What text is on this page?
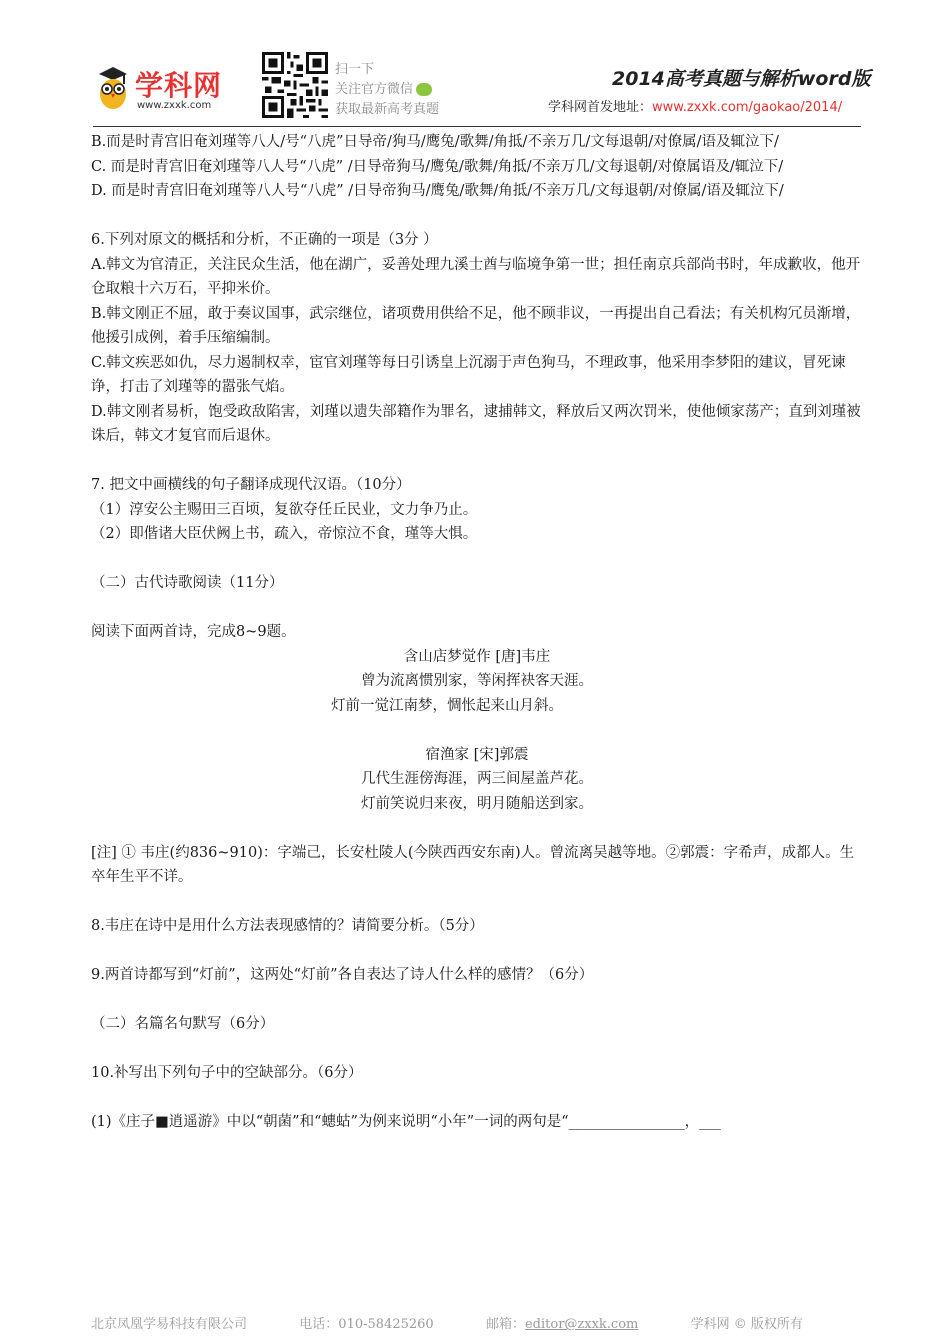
学科网
www.zxxk.com
扫一下
关注官方微信
获取最新高考真题
2014高考真题与解析word版
学科网首发地址：www.zxxk.com/gaokao/2014/

B.而是时青宫旧奄刘瑾等八人/号“八虎”日导帝/狗马/鹰兔/歌舞/角抵/不亲万几/文每退朝/对僚属/语及辄泣下/

C. 而是时青宫旧奄刘瑾等八人号“八虎” /日导帝狗马/鹰兔/歌舞/角抵/不亲万几/文每退朝/对僚属语及/辄泣下/

D. 而是时青宫旧奄刘瑾等八人号“八虎” /日导帝狗马/鹰兔/歌舞/角抵/不亲万几/文每退朝/对僚属/语及辄泣下/

6.下列对原文的概括和分析，不正确的一项是（3分 ）

A.韩文为官清正，关注民众生活，他在湖广，妥善处理九溪士酋与临境争第一世；担任南京兵部尚书时，年成歉收，他开仓取粮十六万石，平抑米价。

B.韩文刚正不屈，敢于奏议国事，武宗继位，诸项费用供给不足，他不顾非议，一再提出自己看法；有关机构冗员渐增，他援引成例，着手压缩编制。

C.韩文疾恶如仇，尽力遏制权幸，宦官刘瑾等每日引诱皇上沉溺于声色狗马，不理政事，他采用李梦阳的建议，冒死谏诤，打击了刘瑾等的嚣张气焰。

D.韩文刚者易析，饱受政敌陷害，刘瑾以遗失部籍作为罪名，逮捕韩文，释放后又两次罚米，使他倾家荡产；直到刘瑾被诛后，韩文才复官而后退休。

7. 把文中画横线的句子翻译成现代汉语。（10分）

（1）淳安公主赐田三百顷，复欲夺任丘民业，文力争乃止。

（2）即偕诸大臣伏阙上书，疏入，帝惊泣不食，瑾等大惧。

（二）古代诗歌阅读（11分）

阅读下面两首诗，完成8~9题。

含山店梦觉作 [唐]韦庄

曾为流离惯别家，等闲挥袂客天涯。

灯前一觉江南梦，惆怅起来山月斜。

宿渔家 [宋]郭震

几代生涯傍海涯，两三间屋盖芦花。

灯前笑说归来夜，明月随船送到家。

[注] ① 韦庄(约836~910)：字端己，长安杜陵人(今陕西西安东南)人。曾流离吴越等地。②郭震：字希声，成都人。生卒年生平不详。

8.韦庄在诗中是用什么方法表现感情的？请简要分析。（5分）

9.两首诗都写到“灯前”，这两处“灯前”各自表达了诗人什么样的感情？（6分）

（二）名篇名句默写（6分）

10.补写出下列句子中的空缺部分。（6分）

(1)《庄子■逍遥游》中以“朝菌”和“蟪蛄”为例来说明“小年”一词的两句是“________________，___

北京凤凰学易科技有限公司	电话：010-58425260	邮箱：editor@zxxk.com	学科网 © 版权所有
